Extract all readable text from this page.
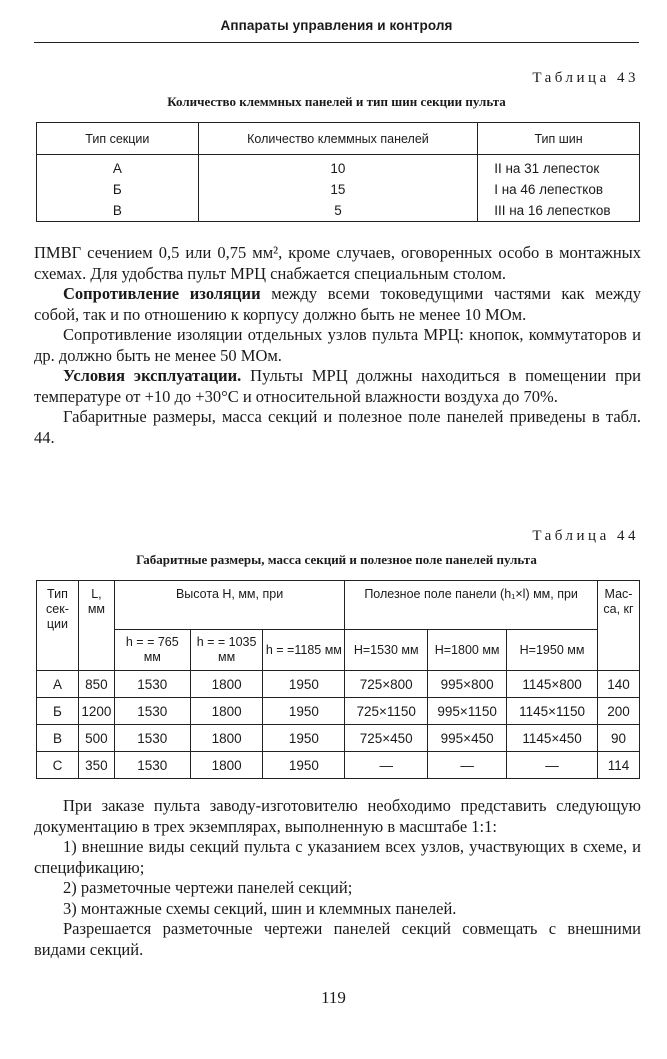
Аппараты управления и контроля
Таблица 43
Количество клеммных панелей и тип шин секции пульта
Тип секции	Количество клеммных панелей	Тип шин
А	10	II на 31 лепесток
Б	15	I на 46 лепестков
В	5	III на 16 лепестков

ПМВГ сечением 0,5 или 0,75 мм², кроме случаев, оговоренных особо в монтажных схемах. Для удобства пульт МРЦ снабжается специальным столом.

Сопротивление изоляции между всеми токоведущими частями как между собой, так и по отношению к корпусу должно быть не менее 10 МОм.

Сопротивление изоляции отдельных узлов пульта МРЦ: кнопок, коммутаторов и др. должно быть не менее 50 МОм.

Условия эксплуатации. Пульты МРЦ должны находиться в помещении при температуре от +10 до +30°С и относительной влажности воздуха до 70%.

Габаритные размеры, масса секций и полезное поле панелей приведены в табл. 44.

Таблица 44
Габаритные размеры, масса секций и полезное поле панелей пульта
Тип сек-ции	L, мм	Высота Н, мм, при			Полезное поле панели (h₁×l) мм, при			Мас-са, кг
		h = = 765 мм	h = = 1035 мм	h = =1185 мм	H=1530 мм	H=1800 мм	H=1950 мм	
А	850	1530	1800	1950	725×800	995×800	1145×800	140
Б	1200	1530	1800	1950	725×1150	995×1150	1145×1150	200
В	500	1530	1800	1950	725×450	995×450	1145×450	90
С	350	1530	1800	1950	—	—	—	114

При заказе пульта заводу-изготовителю необходимо представить следующую документацию в трех экземплярах, выполненную в масштабе 1:1:

1) внешние виды секций пульта с указанием всех узлов, участвующих в схеме, и спецификацию;

2) разметочные чертежи панелей секций;

3) монтажные схемы секций, шин и клеммных панелей.

Разрешается разметочные чертежи панелей секций совмещать с внешними видами секций.

119
